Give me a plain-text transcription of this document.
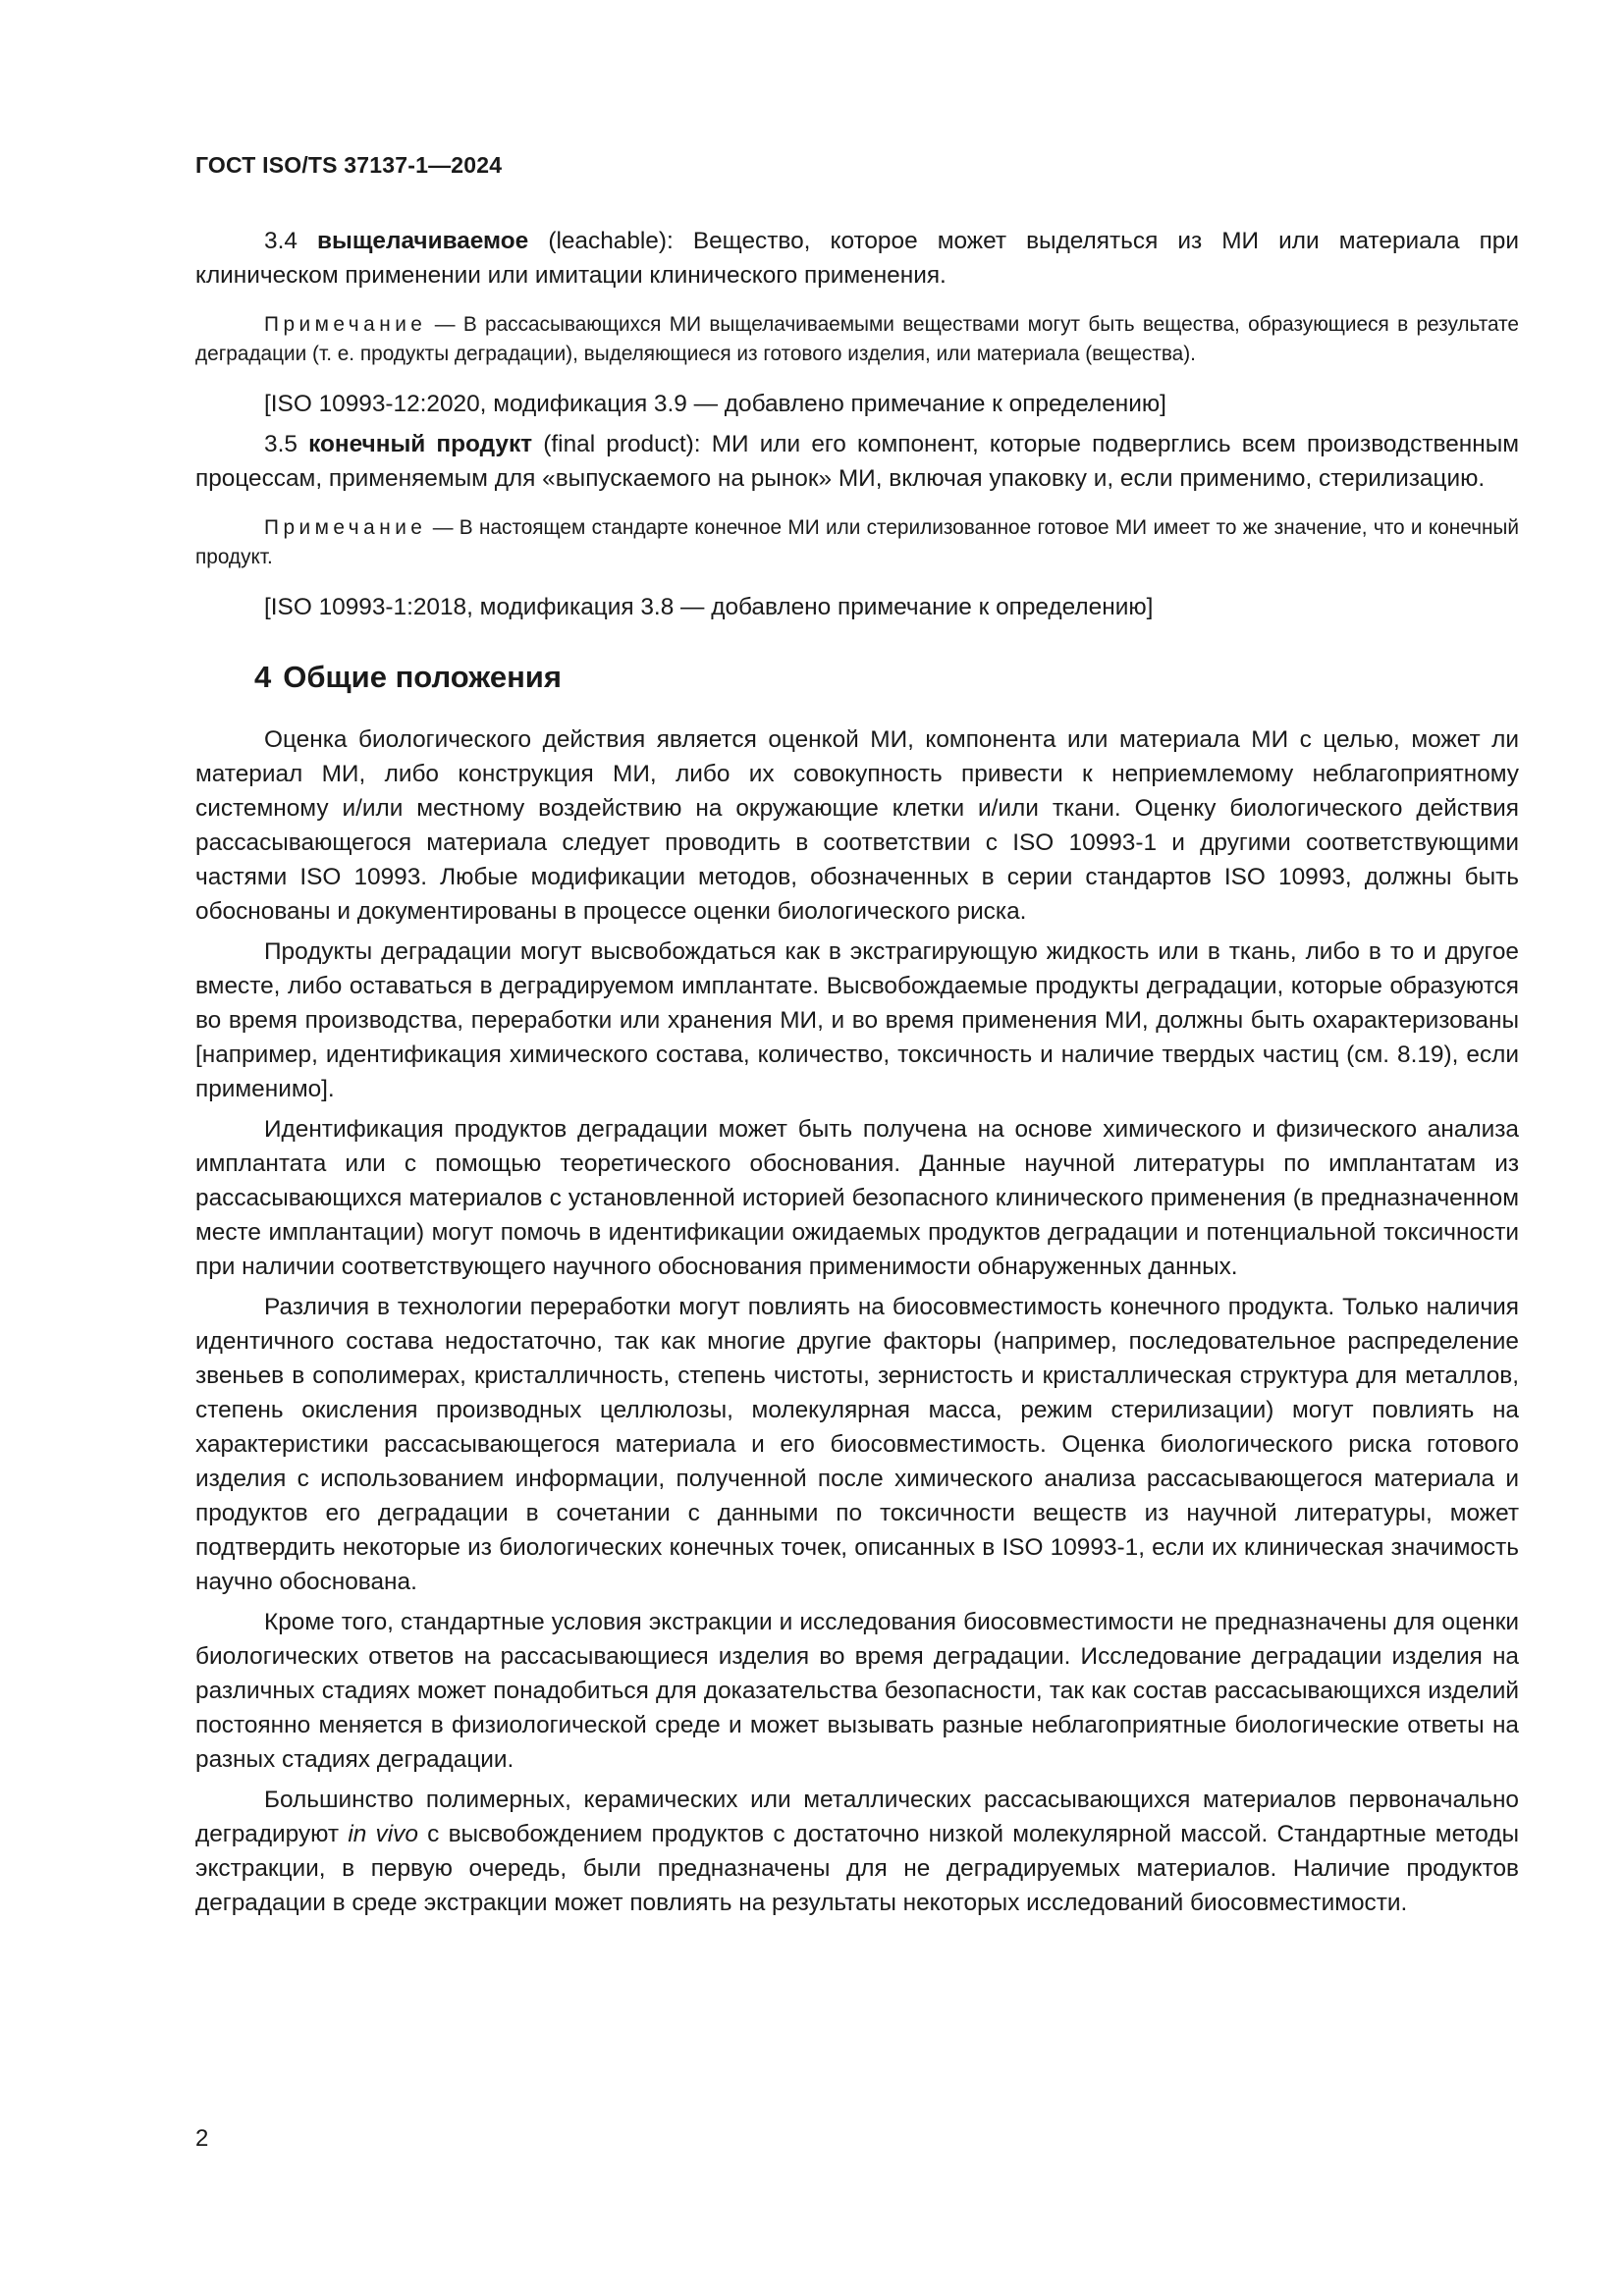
ГОСТ ISO/TS 37137-1—2024

3.4 выщелачиваемое (leachable): Вещество, которое может выделяться из МИ или материала при клиническом применении или имитации клинического применения.

Примечание — В рассасывающихся МИ выщелачиваемыми веществами могут быть вещества, образующиеся в результате деградации (т. е. продукты деградации), выделяющиеся из готового изделия, или материала (вещества).

[ISO 10993-12:2020, модификация 3.9 — добавлено примечание к определению]

3.5 конечный продукт (final product): МИ или его компонент, которые подверглись всем производственным процессам, применяемым для «выпускаемого на рынок» МИ, включая упаковку и, если применимо, стерилизацию.

Примечание — В настоящем стандарте конечное МИ или стерилизованное готовое МИ имеет то же значение, что и конечный продукт.

[ISO 10993-1:2018, модификация 3.8 — добавлено примечание к определению]

4 Общие положения

Оценка биологического действия является оценкой МИ, компонента или материала МИ с целью, может ли материал МИ, либо конструкция МИ, либо их совокупность привести к неприемлемому неблагоприятному системному и/или местному воздействию на окружающие клетки и/или ткани. Оценку биологического действия рассасывающегося материала следует проводить в соответствии с ISO 10993-1 и другими соответствующими частями ISO 10993. Любые модификации методов, обозначенных в серии стандартов ISO 10993, должны быть обоснованы и документированы в процессе оценки биологического риска.

Продукты деградации могут высвобождаться как в экстрагирующую жидкость или в ткань, либо в то и другое вместе, либо оставаться в деградируемом имплантате. Высвобождаемые продукты деградации, которые образуются во время производства, переработки или хранения МИ, и во время применения МИ, должны быть охарактеризованы [например, идентификация химического состава, количество, токсичность и наличие твердых частиц (см. 8.19), если применимо].

Идентификация продуктов деградации может быть получена на основе химического и физического анализа имплантата или с помощью теоретического обоснования. Данные научной литературы по имплантатам из рассасывающихся материалов с установленной историей безопасного клинического применения (в предназначенном месте имплантации) могут помочь в идентификации ожидаемых продуктов деградации и потенциальной токсичности при наличии соответствующего научного обоснования применимости обнаруженных данных.

Различия в технологии переработки могут повлиять на биосовместимость конечного продукта. Только наличия идентичного состава недостаточно, так как многие другие факторы (например, последовательное распределение звеньев в сополимерах, кристалличность, степень чистоты, зернистость и кристаллическая структура для металлов, степень окисления производных целлюлозы, молекулярная масса, режим стерилизации) могут повлиять на характеристики рассасывающегося материала и его биосовместимость. Оценка биологического риска готового изделия с использованием информации, полученной после химического анализа рассасывающегося материала и продуктов его деградации в сочетании с данными по токсичности веществ из научной литературы, может подтвердить некоторые из биологических конечных точек, описанных в ISO 10993-1, если их клиническая значимость научно обоснована.

Кроме того, стандартные условия экстракции и исследования биосовместимости не предназначены для оценки биологических ответов на рассасывающиеся изделия во время деградации. Исследование деградации изделия на различных стадиях может понадобиться для доказательства безопасности, так как состав рассасывающихся изделий постоянно меняется в физиологической среде и может вызывать разные неблагоприятные биологические ответы на разных стадиях деградации.

Большинство полимерных, керамических или металлических рассасывающихся материалов первоначально деградируют in vivo с высвобождением продуктов с достаточно низкой молекулярной массой. Стандартные методы экстракции, в первую очередь, были предназначены для не деградируемых материалов. Наличие продуктов деградации в среде экстракции может повлиять на результаты некоторых исследований биосовместимости.

2
